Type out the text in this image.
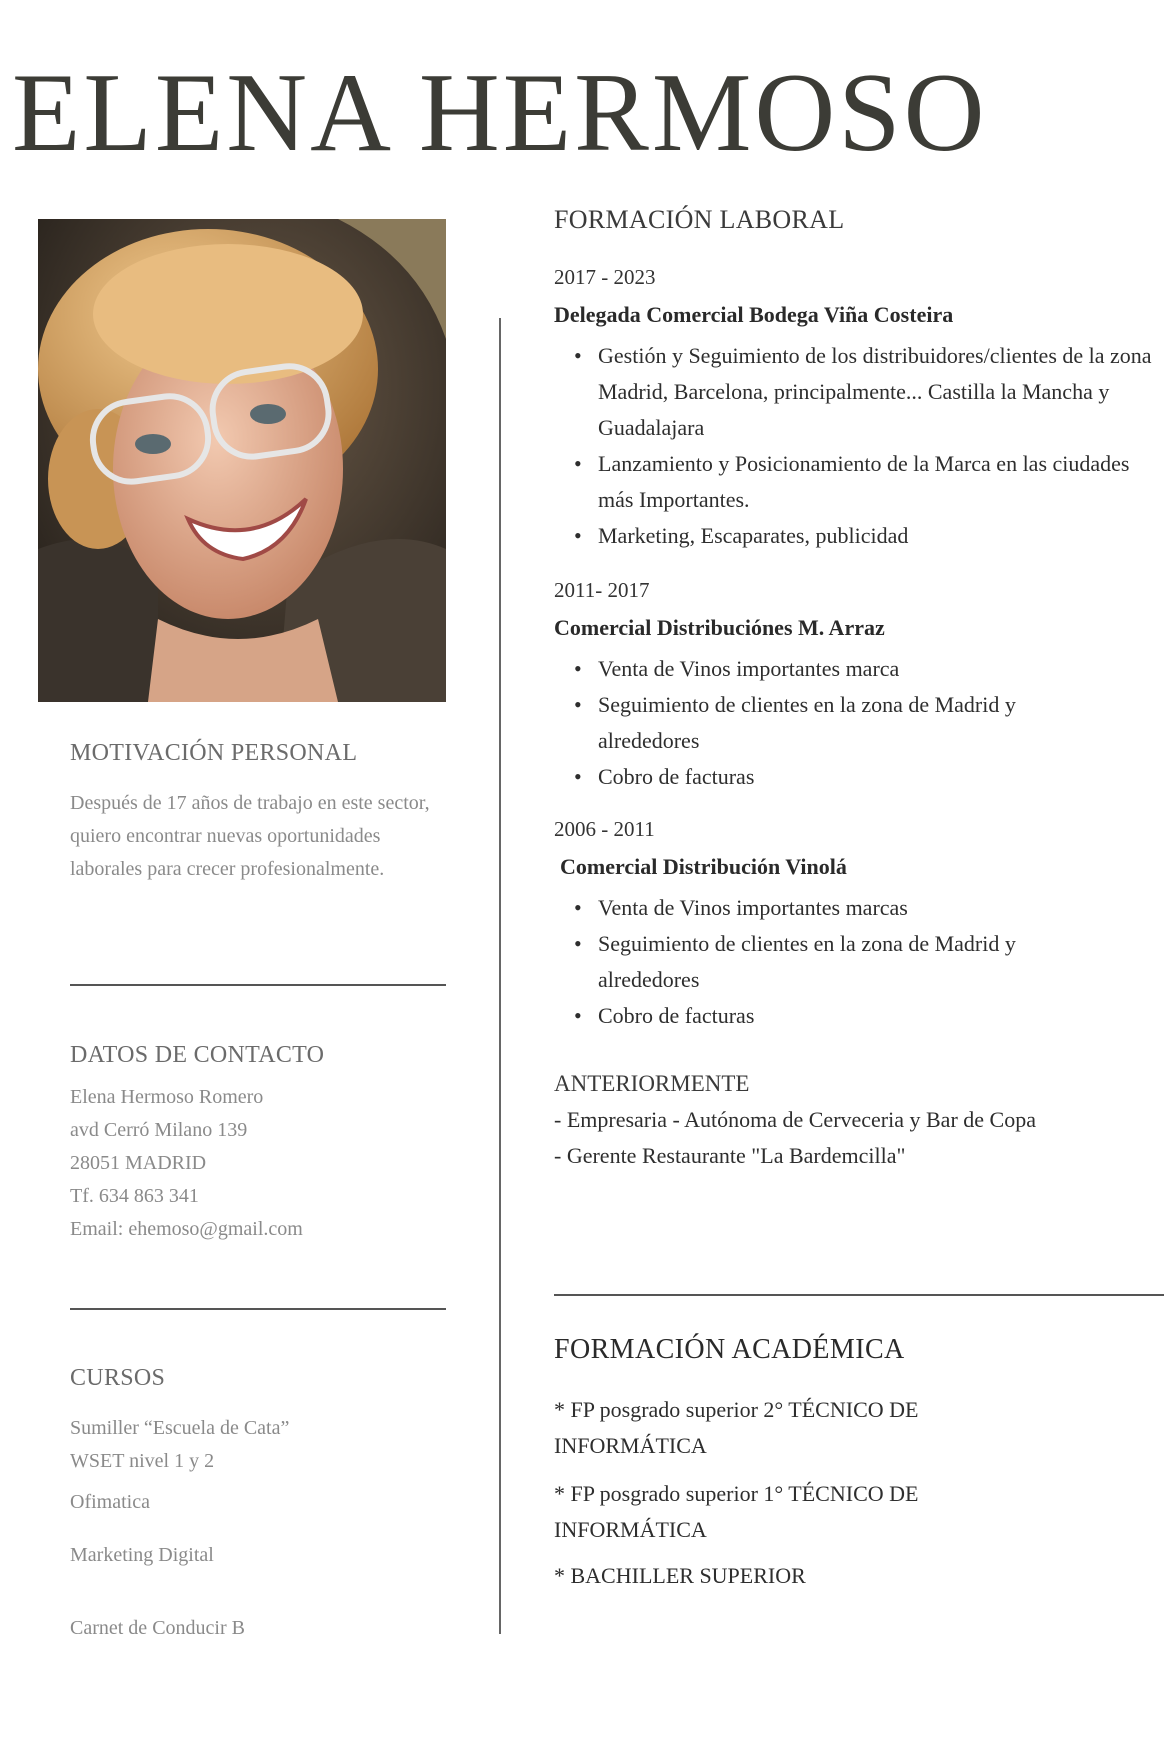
ELENA HERMOSO
MOTIVACIÓN PERSONAL
Después de 17 años de trabajo en este sector, quiero encontrar nuevas oportunidades laborales para crecer profesionalmente.
DATOS DE CONTACTO
Elena Hermoso Romero
avd Cerró Milano 139
28051 MADRID
Tf. 634 863 341
Email: ehemoso@gmail.com
CURSOS
Sumiller “Escuela de Cata”
WSET nivel 1 y 2
Ofimatica
Marketing Digital
Carnet de Conducir B
FORMACIÓN LABORAL
2017 - 2023
Delegada Comercial Bodega Viña Costeira
• Gestión y Seguimiento de los distribuidores/clientes de la zona Madrid, Barcelona, principalmente... Castilla la Mancha y Guadalajara
• Lanzamiento y Posicionamiento de la Marca en las ciudades más Importantes.
• Marketing, Escaparates, publicidad
2011- 2017
Comercial Distribuciónes M. Arraz
• Venta de Vinos importantes marca
• Seguimiento de clientes en la zona de Madrid y alrededores
• Cobro de facturas
2006 - 2011
Comercial Distribución Vinolá
• Venta de Vinos importantes marcas
• Seguimiento de clientes en la zona de Madrid y alrededores
• Cobro de facturas
ANTERIORMENTE
- Empresaria - Autónoma de Cerveceria y Bar de Copa
- Gerente Restaurante "La Bardemcilla"
FORMACIÓN ACADÉMICA
* FP posgrado superior 2° TÉCNICO DE INFORMÁTICA
* FP posgrado superior 1° TÉCNICO DE INFORMÁTICA
* BACHILLER SUPERIOR
